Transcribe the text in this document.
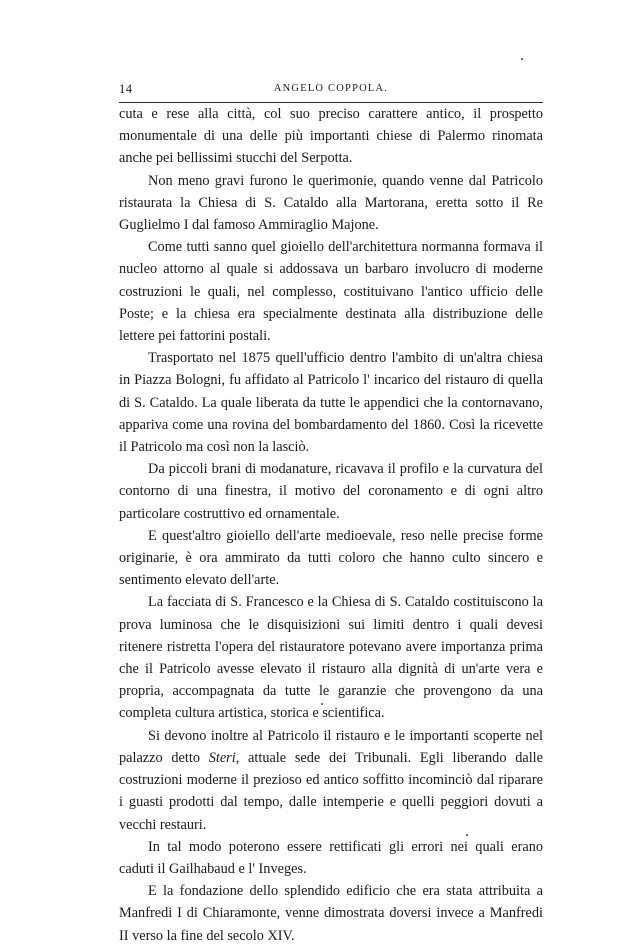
14	ANGELO COPPOLA.

cuta e rese alla città, col suo preciso carattere antico, il prospetto monumentale di una delle più importanti chiese di Palermo rinomata anche pei bellissimi stucchi del Serpotta.

Non meno gravi furono le querimonie, quando venne dal Patricolo ristaurata la Chiesa di S. Cataldo alla Martorana, eretta sotto il Re Guglielmo I dal famoso Ammiraglio Majone.

Come tutti sanno quel gioiello dell'architettura normanna formava il nucleo attorno al quale si addossava un barbaro involucro di moderne costruzioni le quali, nel complesso, costituivano l'antico ufficio delle Poste; e la chiesa era specialmente destinata alla distribuzione delle lettere pei fattorini postali.

Trasportato nel 1875 quell'ufficio dentro l'ambito di un'altra chiesa in Piazza Bologni, fu affidato al Patricolo l' incarico del ristauro di quella di S. Cataldo. La quale liberata da tutte le appendici che la contornavano, appariva come una rovina del bombardamento del 1860. Così la ricevette il Patricolo ma così non la lasciò.

Da piccoli brani di modanature, ricavava il profilo e la curvatura del contorno di una finestra, il motivo del coronamento e di ogni altro particolare costruttivo ed ornamentale.

E quest'altro gioiello dell'arte medioevale, reso nelle precise forme originarie, è ora ammirato da tutti coloro che hanno culto sincero e sentimento elevato dell'arte.

La facciata di S. Francesco e la Chiesa di S. Cataldo costituiscono la prova luminosa che le disquisizioni sui limiti dentro i quali devesi ritenere ristretta l'opera del ristauratore potevano avere importanza prima che il Patricolo avesse elevato il ristauro alla dignità di un'arte vera e propria, accompagnata da tutte le garanzie che provengono da una completa cultura artistica, storica e scientifica.

Si devono inoltre al Patricolo il ristauro e le importanti scoperte nel palazzo detto Steri, attuale sede dei Tribunali. Egli liberando dalle costruzioni moderne il prezioso ed antico soffitto incominciò dal riparare i guasti prodotti dal tempo, dalle intemperie e quelli peggiori dovuti a vecchi restauri.

In tal modo poterono essere rettificati gli errori nei quali erano caduti il Gailhabaud e l' Inveges.

E la fondazione dello splendido edificio che era stata attribuita a Manfredi I di Chiaramonte, venne dimostrata doversi invece a Manfredi II verso la fine del secolo XIV.
